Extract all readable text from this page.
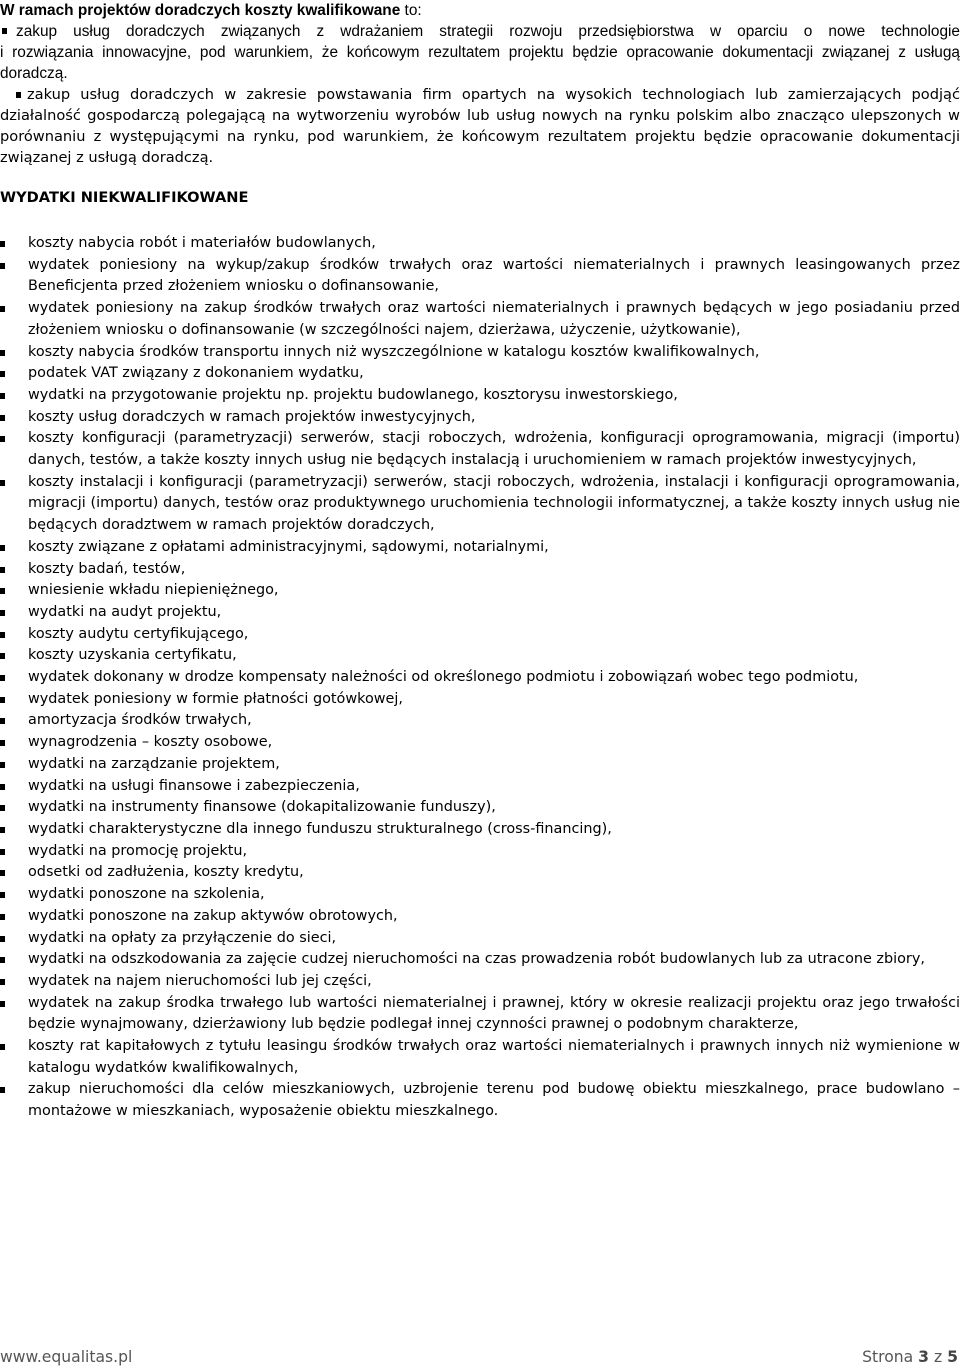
W ramach projektów doradczych koszty kwalifikowane to:
zakup usług doradczych związanych z wdrażaniem strategii rozwoju przedsiębiorstwa w oparciu o nowe technologie
i rozwiązania innowacyjne, pod warunkiem, że końcowym rezultatem projektu będzie opracowanie dokumentacji związanej z usługą doradczą.
zakup usług doradczych w zakresie powstawania firm opartych na wysokich technologiach lub zamierzających podjąć działalność gospodarczą polegającą na wytworzeniu wyrobów lub usług nowych na rynku polskim albo znacząco ulepszonych w porównaniu z występującymi na rynku, pod warunkiem, że końcowym rezultatem projektu będzie opracowanie dokumentacji związanej z usługą doradczą.
WYDATKI NIEKWALIFIKOWANE
koszty nabycia robót i materiałów budowlanych,
wydatek poniesiony na wykup/zakup środków trwałych oraz wartości niematerialnych i prawnych leasingowanych przez Beneficjenta przed złożeniem wniosku o dofinansowanie,
wydatek poniesiony na zakup środków trwałych oraz wartości niematerialnych i prawnych będących w jego posiadaniu przed złożeniem wniosku o dofinansowanie (w szczególności najem, dzierżawa, użyczenie, użytkowanie),
koszty nabycia środków transportu innych niż wyszczególnione w katalogu kosztów kwalifikowalnych,
podatek VAT związany z dokonaniem wydatku,
wydatki na przygotowanie projektu np. projektu budowlanego, kosztorysu inwestorskiego,
koszty usług doradczych w ramach projektów inwestycyjnych,
koszty konfiguracji (parametryzacji) serwerów, stacji roboczych, wdrożenia, konfiguracji oprogramowania, migracji (importu) danych, testów, a także koszty innych usług nie będących instalacją i uruchomieniem w ramach projektów inwestycyjnych,
koszty instalacji i konfiguracji (parametryzacji) serwerów, stacji roboczych, wdrożenia, instalacji i konfiguracji oprogramowania, migracji (importu) danych, testów oraz produktywnego uruchomienia technologii informatycznej, a także koszty innych usług nie będących doradztwem w ramach projektów doradczych,
koszty związane z opłatami administracyjnymi, sądowymi, notarialnymi,
koszty badań, testów,
wniesienie wkładu niepieniężnego,
wydatki na audyt projektu,
koszty audytu certyfikującego,
koszty uzyskania certyfikatu,
wydatek dokonany w drodze kompensaty należności od określonego podmiotu i zobowiązań wobec tego podmiotu,
wydatek poniesiony w formie płatności gotówkowej,
amortyzacja środków trwałych,
wynagrodzenia – koszty osobowe,
wydatki na zarządzanie projektem,
wydatki na usługi finansowe i zabezpieczenia,
wydatki na instrumenty finansowe (dokapitalizowanie funduszy),
wydatki charakterystyczne dla innego funduszu strukturalnego (cross-financing),
wydatki na promocję projektu,
odsetki od zadłużenia, koszty kredytu,
wydatki ponoszone na szkolenia,
wydatki ponoszone na zakup aktywów obrotowych,
wydatki na opłaty za przyłączenie do sieci,
wydatki na odszkodowania za zajęcie cudzej nieruchomości na czas prowadzenia robót budowlanych lub za utracone zbiory,
wydatek na najem nieruchomości lub jej części,
wydatek na zakup środka trwałego lub wartości niematerialnej i prawnej, który w okresie realizacji projektu oraz jego trwałości będzie wynajmowany, dzierżawiony lub będzie podlegał innej czynności prawnej o podobnym charakterze,
koszty rat kapitałowych z tytułu leasingu środków trwałych oraz wartości niematerialnych i prawnych innych niż wymienione w katalogu wydatków kwalifikowalnych,
zakup nieruchomości dla celów mieszkaniowych, uzbrojenie terenu pod budowę obiektu mieszkalnego, prace budowlano – montażowe w mieszkaniach, wyposażenie obiektu mieszkalnego.
www.equalitas.pl	Strona 3 z 5
